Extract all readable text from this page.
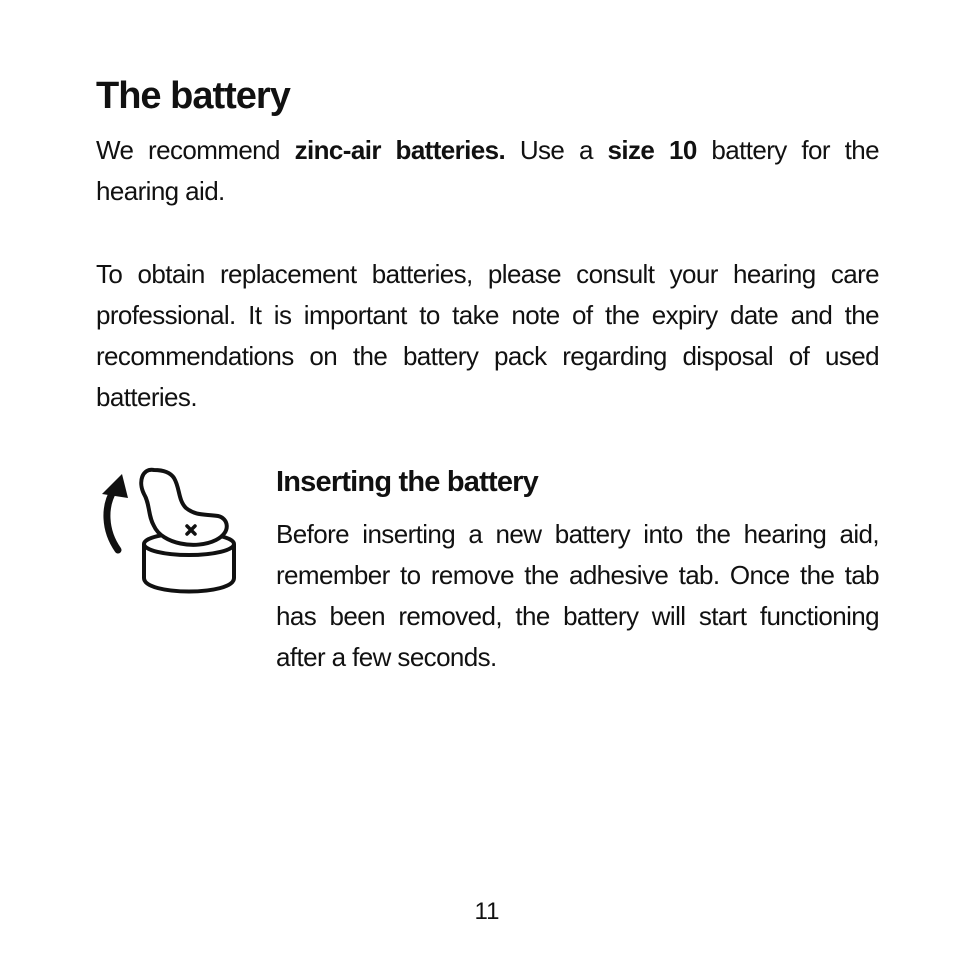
The battery

We recommend zinc-air batteries. Use a size 10 battery for the hearing aid.

To obtain replacement batteries, please consult your hearing care professional. It is important to take note of the expiry date and the recommendations on the battery pack regarding disposal of used batteries.

Inserting the battery

Before inserting a new battery into the hearing aid, remember to remove the adhesive tab. Once the tab has been removed, the battery will start functioning after a few seconds.

11
